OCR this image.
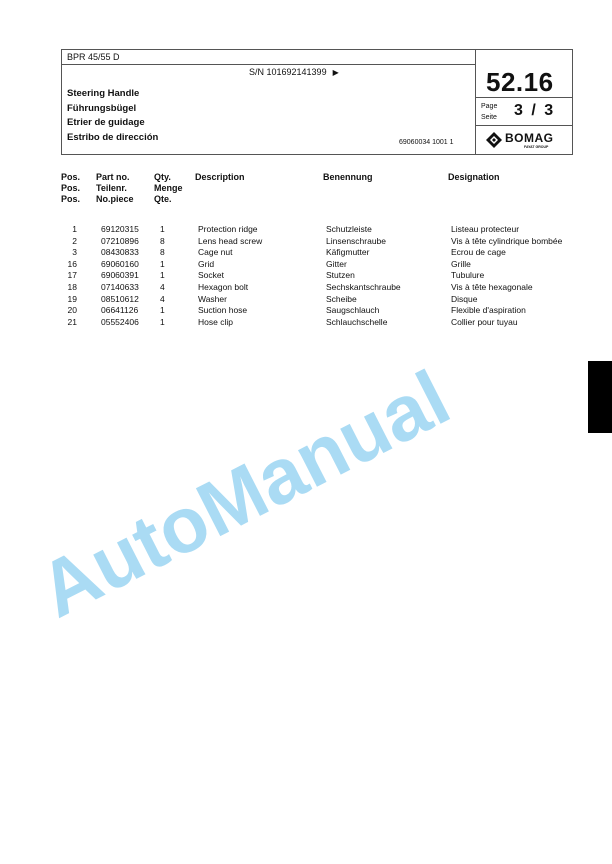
BPR 45/55 D
S/N 101692141399 ▶
Steering Handle
Führungsbügel
Etrier de guidage
Estribo de dirección	69060034 1001 1
52.16
Page
Seite 3 / 3
BOMAG
FAYAT GROUP
Pos.
Pos.
Pos.
Part no.
Teilenr.
No.piece
Qty.
Menge
Qte.
Description	Benennung	Designation
1	69120315 1	Protection ridge	Schutzleiste	Listeau protecteur
2	07210896 8	Lens head screw	Linsenschraube	Vis à tête cylindrique bombée
3	08430833 8	Cage nut	Käfigmutter	Ecrou de cage
16	69060160 1	Grid	Gitter	Grille
17	69060391 1	Socket	Stutzen	Tubulure
18	07140633 4	Hexagon bolt	Sechskantschraube	Vis à tête hexagonale
19	08510612 4	Washer	Scheibe	Disque
20	06641126	1	Suction hose	Saugschlauch	Flexible d'aspiration
21	05552406 1	Hose clip	Schlauchschelle	Collier pour tuyau
AutoManual
